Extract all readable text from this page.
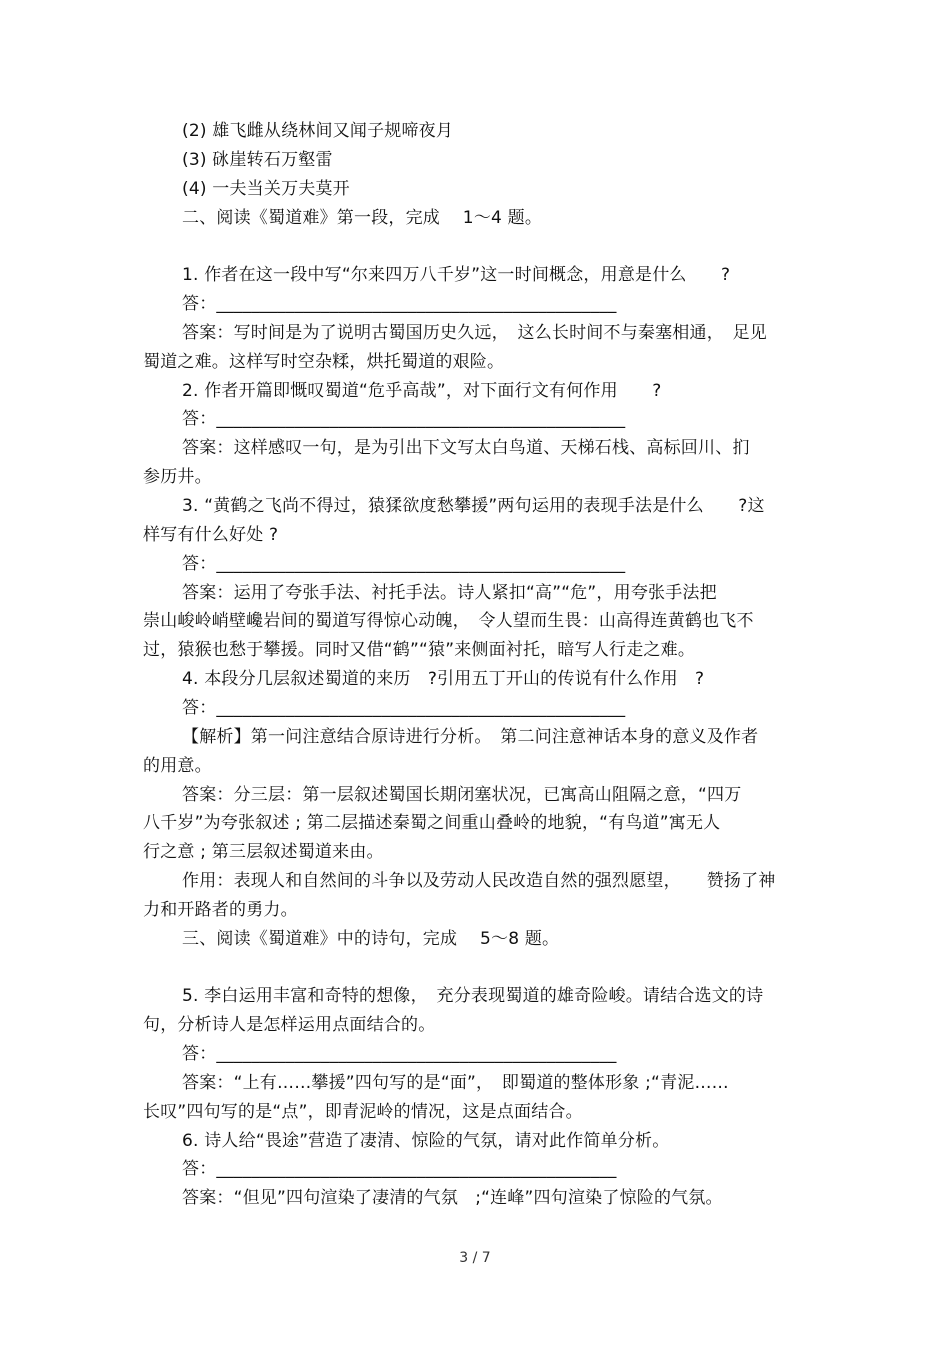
(2) 雄飞雌从绕林间又闻子规啼夜月
(3) 砯崖转石万壑雷
(4) 一夫当关万夫莫开
二、阅读《蜀道难》第一段，完成　 1～4 题。
1. 作者在这一段中写“尔来四万八千岁”这一时间概念，用意是什么　　?
答：______________________________________________
答案：写时间是为了说明古蜀国历史久远，　这么长时间不与秦塞相通，　足见
蜀道之难。这样写时空杂糅，烘托蜀道的艰险。
2. 作者开篇即慨叹蜀道“危乎高哉”，对下面行文有何作用　　?
答：_______________________________________________
答案：这样感叹一句，是为引出下文写太白鸟道、天梯石栈、高标回川、扪
参历井。
3. “黄鹤之飞尚不得过，猿猱欲度愁攀援”两句运用的表现手法是什么　　?这
样写有什么好处 ?
答：_______________________________________________
答案：运用了夸张手法、衬托手法。诗人紧扣“高”“危”，用夸张手法把
崇山峻岭峭壁巉岩间的蜀道写得惊心动魄，　令人望而生畏：山高得连黄鹤也飞不
过，猿猴也愁于攀援。同时又借“鹤”“猿”来侧面衬托，暗写人行走之难。
4. 本段分几层叙述蜀道的来历　?引用五丁开山的传说有什么作用　?
答：_______________________________________________
【解析】第一问注意结合原诗进行分析。　第二问注意神话本身的意义及作者
的用意。
答案：分三层：第一层叙述蜀国长期闭塞状况，已寓高山阻隔之意，“四万
八千岁”为夸张叙述 ; 第二层描述秦蜀之间重山叠岭的地貌，“有鸟道”寓无人
行之意 ; 第三层叙述蜀道来由。
作用：表现人和自然间的斗争以及劳动人民改造自然的强烈愿望，　　赞扬了神
力和开路者的勇力。
三、阅读《蜀道难》中的诗句，完成　 5～8 题。
5. 李白运用丰富和奇特的想像，　充分表现蜀道的雄奇险峻。请结合选文的诗
句，分析诗人是怎样运用点面结合的。
答：______________________________________________
答案：“上有……攀援”四句写的是“面”，　即蜀道的整体形象 ;“青泥……
长叹”四句写的是“点”，即青泥岭的情况，这是点面结合。
6. 诗人给“畏途”营造了凄清、惊险的气氛，请对此作简单分析。
答：______________________________________________
答案：“但见”四句渲染了凄清的气氛　;“连峰”四句渲染了惊险的气氛。
3 / 7
